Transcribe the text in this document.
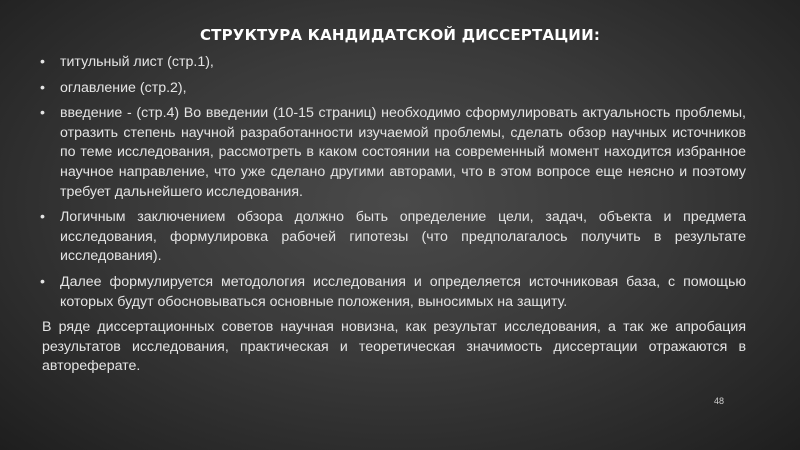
СТРУКТУРА КАНДИДАТСКОЙ ДИССЕРТАЦИИ:
• титульный лист (стр.1),
• оглавление (стр.2),
• введение - (стр.4) Во введении (10-15 страниц) необходимо сформулировать актуальность проблемы, отразить степень научной разработанности изучаемой проблемы, сделать обзор научных источников по теме исследования, рассмотреть в каком состоянии на современный момент находится избранное научное направление, что уже сделано другими авторами, что в этом вопросе еще неясно и поэтому требует дальнейшего исследования.
• Логичным заключением обзора должно быть определение цели, задач, объекта и предмета исследования, формулировка рабочей гипотезы (что предполагалось получить в результате исследования).
• Далее формулируется методология исследования и определяется источниковая база, с помощью которых будут обосновываться основные положения, выносимых на защиту.
В ряде диссертационных советов научная новизна, как результат исследования, а так же апробация результатов исследования, практическая и теоретическая значимость диссертации отражаются в автореферате.
48
